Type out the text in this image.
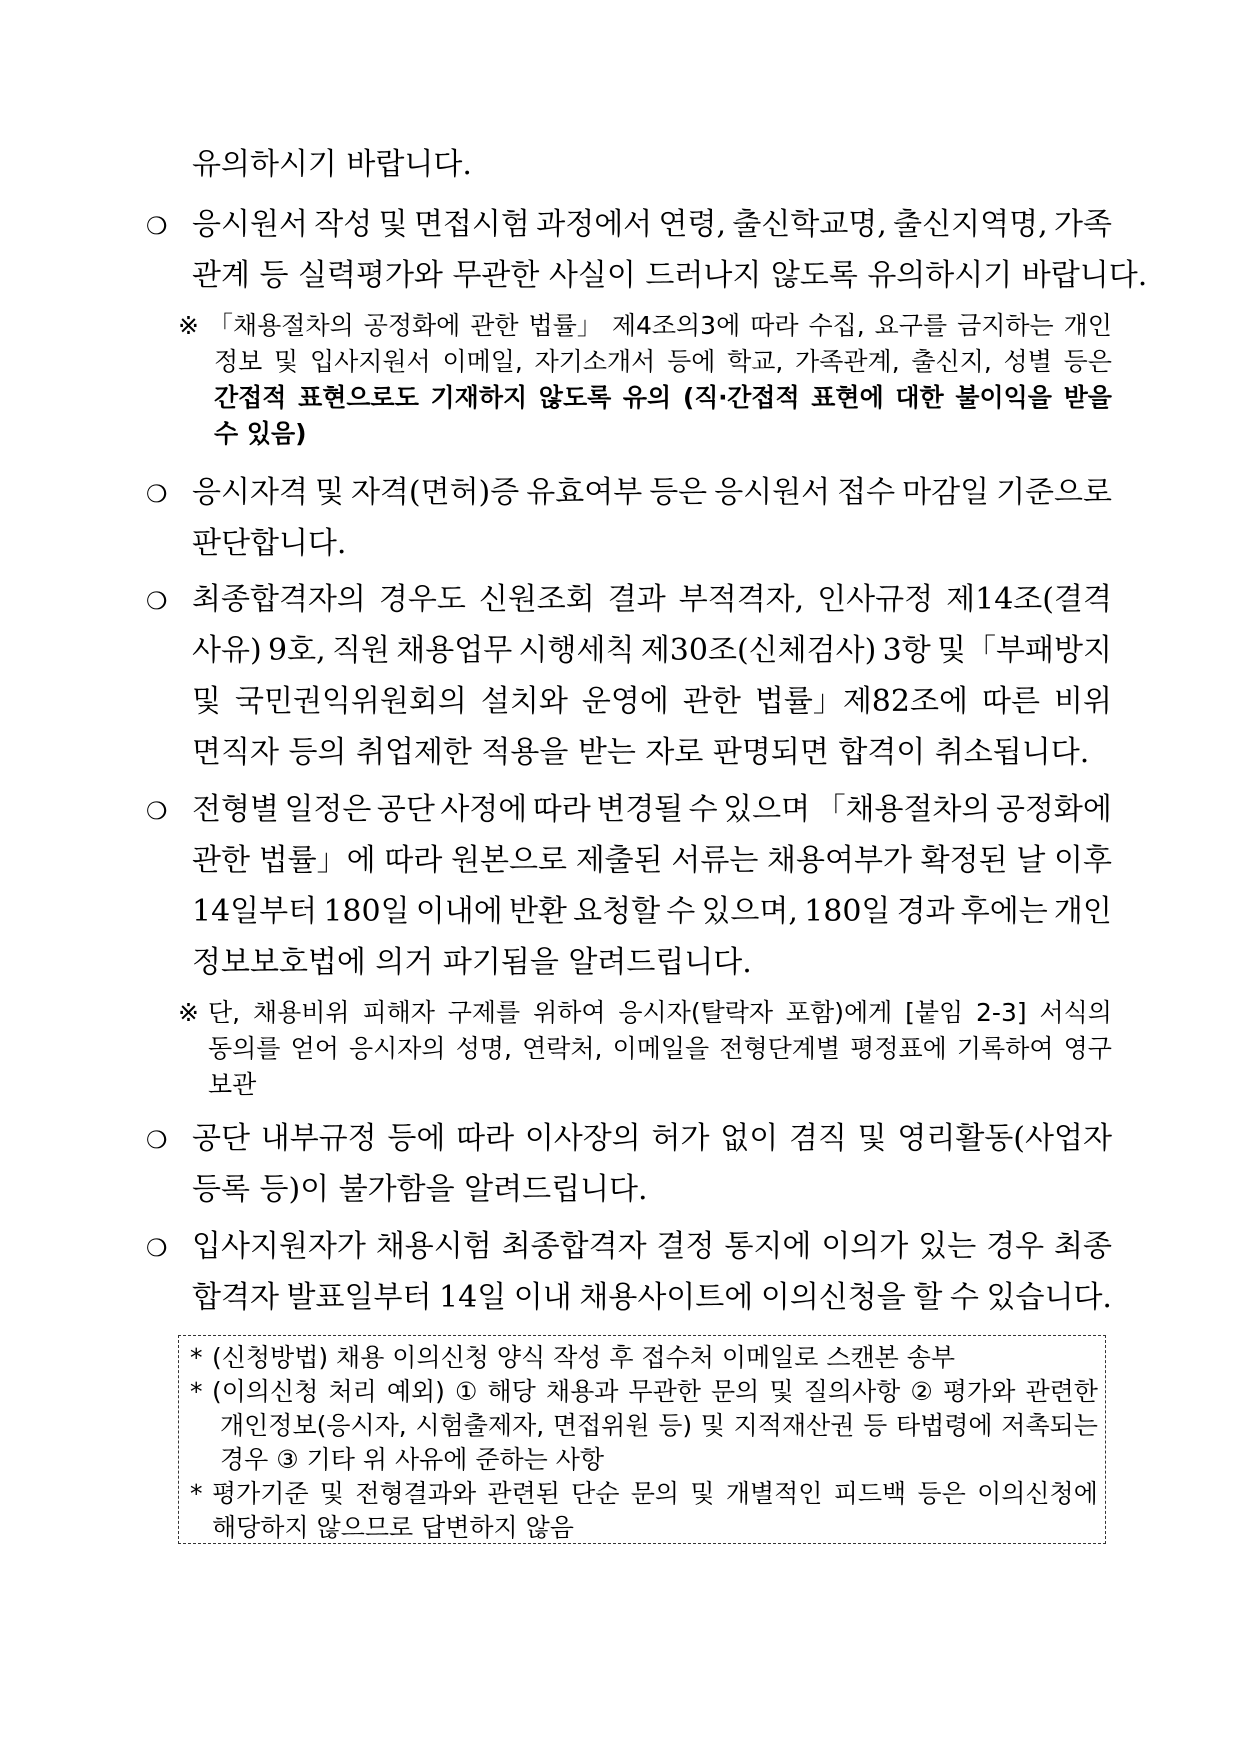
유의하시기 바랍니다.
❍ 응시원서 작성 및 면접시험 과정에서 연령, 출신학교명, 출신지역명, 가족
관계 등 실력평가와 무관한 사실이 드러나지 않도록 유의하시기 바랍니다.
※ 「채용절차의 공정화에 관한 법률」 제4조의3에 따라 수집, 요구를 금지하는 개인
정보 및 입사지원서 이메일, 자기소개서 등에 학교, 가족관계, 출신지, 성별 등은
간접적 표현으로도 기재하지 않도록 유의 (직‧간접적 표현에 대한 불이익을 받을
수 있음)
❍ 응시자격 및 자격(면허)증 유효여부 등은 응시원서 접수 마감일 기준으로
판단합니다.
❍ 최종합격자의 경우도 신원조회 결과 부적격자, 인사규정 제14조(결격
사유) 9호, 직원 채용업무 시행세칙 제30조(신체검사) 3항 및「부패방지
및 국민권익위원회의 설치와 운영에 관한 법률」제82조에 따른 비위
면직자 등의 취업제한 적용을 받는 자로 판명되면 합격이 취소됩니다.
❍ 전형별 일정은 공단 사정에 따라 변경될 수 있으며 「채용절차의 공정화에
관한 법률」에 따라 원본으로 제출된 서류는 채용여부가 확정된 날 이후
14일부터 180일 이내에 반환 요청할 수 있으며, 180일 경과 후에는 개인
정보보호법에 의거 파기됨을 알려드립니다.
※ 단, 채용비위 피해자 구제를 위하여 응시자(탈락자 포함)에게 [붙임 2-3] 서식의
동의를 얻어 응시자의 성명, 연락처, 이메일을 전형단계별 평정표에 기록하여 영구
보관
❍ 공단 내부규정 등에 따라 이사장의 허가 없이 겸직 및 영리활동(사업자
등록 등)이 불가함을 알려드립니다.
❍ 입사지원자가 채용시험 최종합격자 결정 통지에 이의가 있는 경우 최종
합격자 발표일부터 14일 이내 채용사이트에 이의신청을 할 수 있습니다.
* (신청방법) 채용 이의신청 양식 작성 후 접수처 이메일로 스캔본 송부
* (이의신청 처리 예외) ① 해당 채용과 무관한 문의 및 질의사항 ② 평가와 관련한
개인정보(응시자, 시험출제자, 면접위원 등) 및 지적재산권 등 타법령에 저촉되는
경우 ③ 기타 위 사유에 준하는 사항
* 평가기준 및 전형결과와 관련된 단순 문의 및 개별적인 피드백 등은 이의신청에
해당하지 않으므로 답변하지 않음
